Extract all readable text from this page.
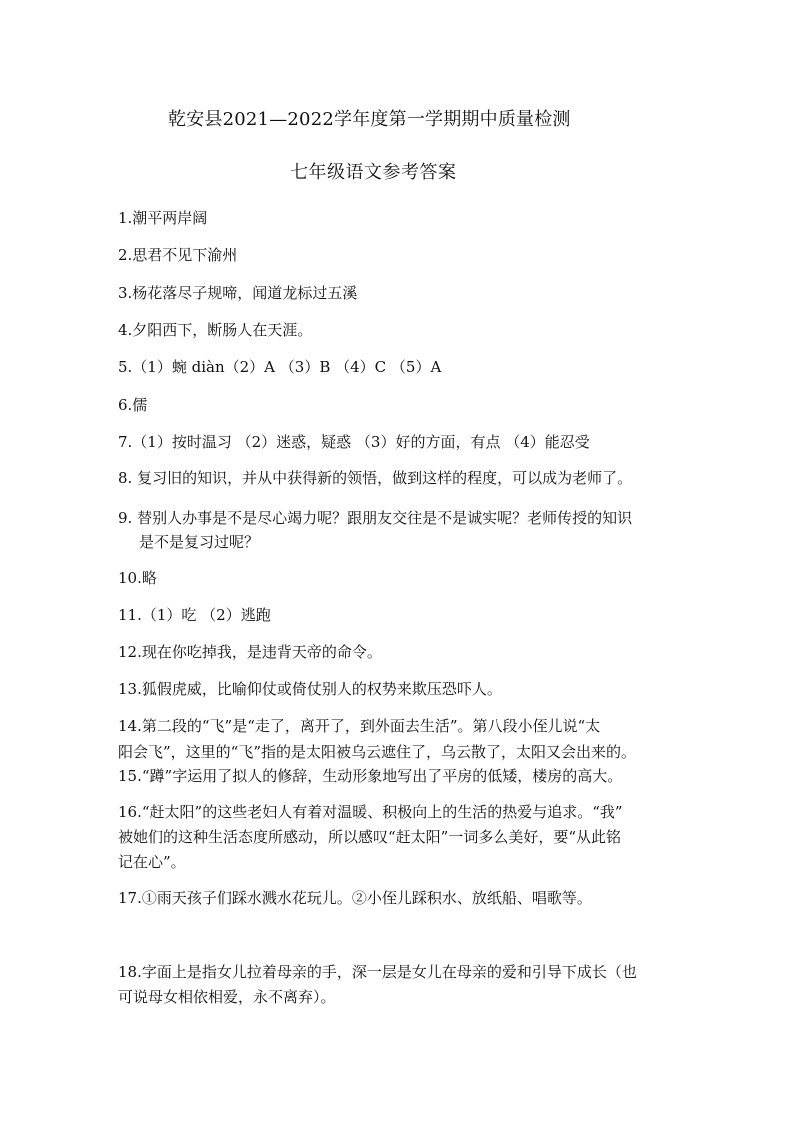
乾安县2021—2022学年度第一学期期中质量检测
七年级语文参考答案
1.潮平两岸阔
2.思君不见下渝州
3.杨花落尽子规啼，闻道龙标过五溪
4.夕阳西下，断肠人在天涯。
5.（1）蜿 diàn（2）A （3）B （4）C （5）A
6.儒
7.（1）按时温习 （2）迷惑，疑惑 （3）好的方面，有点 （4）能忍受
8. 复习旧的知识，并从中获得新的领悟，做到这样的程度，可以成为老师了。
9. 替别人办事是不是尽心竭力呢？跟朋友交往是不是诚实呢？老师传授的知识
是不是复习过呢？
10.略
11.（1）吃 （2）逃跑
12.现在你吃掉我，是违背天帝的命令。
13.狐假虎威，比喻仰仗或倚仗别人的权势来欺压恐吓人。
14.第二段的“飞”是“走了，离开了，到外面去生活”。第八段小侄儿说“太
阳会飞”，这里的“飞”指的是太阳被乌云遮住了，乌云散了，太阳又会出来的。
15.“蹲”字运用了拟人的修辞，生动形象地写出了平房的低矮，楼房的高大。
16.“赶太阳”的这些老妇人有着对温暖、积极向上的生活的热爱与追求。“我”
被她们的这种生活态度所感动，所以感叹“赶太阳”一词多么美好，要“从此铭
记在心”。
17.①雨天孩子们踩水溅水花玩儿。②小侄儿踩积水、放纸船、唱歌等。
18.字面上是指女儿拉着母亲的手，深一层是女儿在母亲的爱和引导下成长（也
可说母女相依相爱，永不离弃）。
